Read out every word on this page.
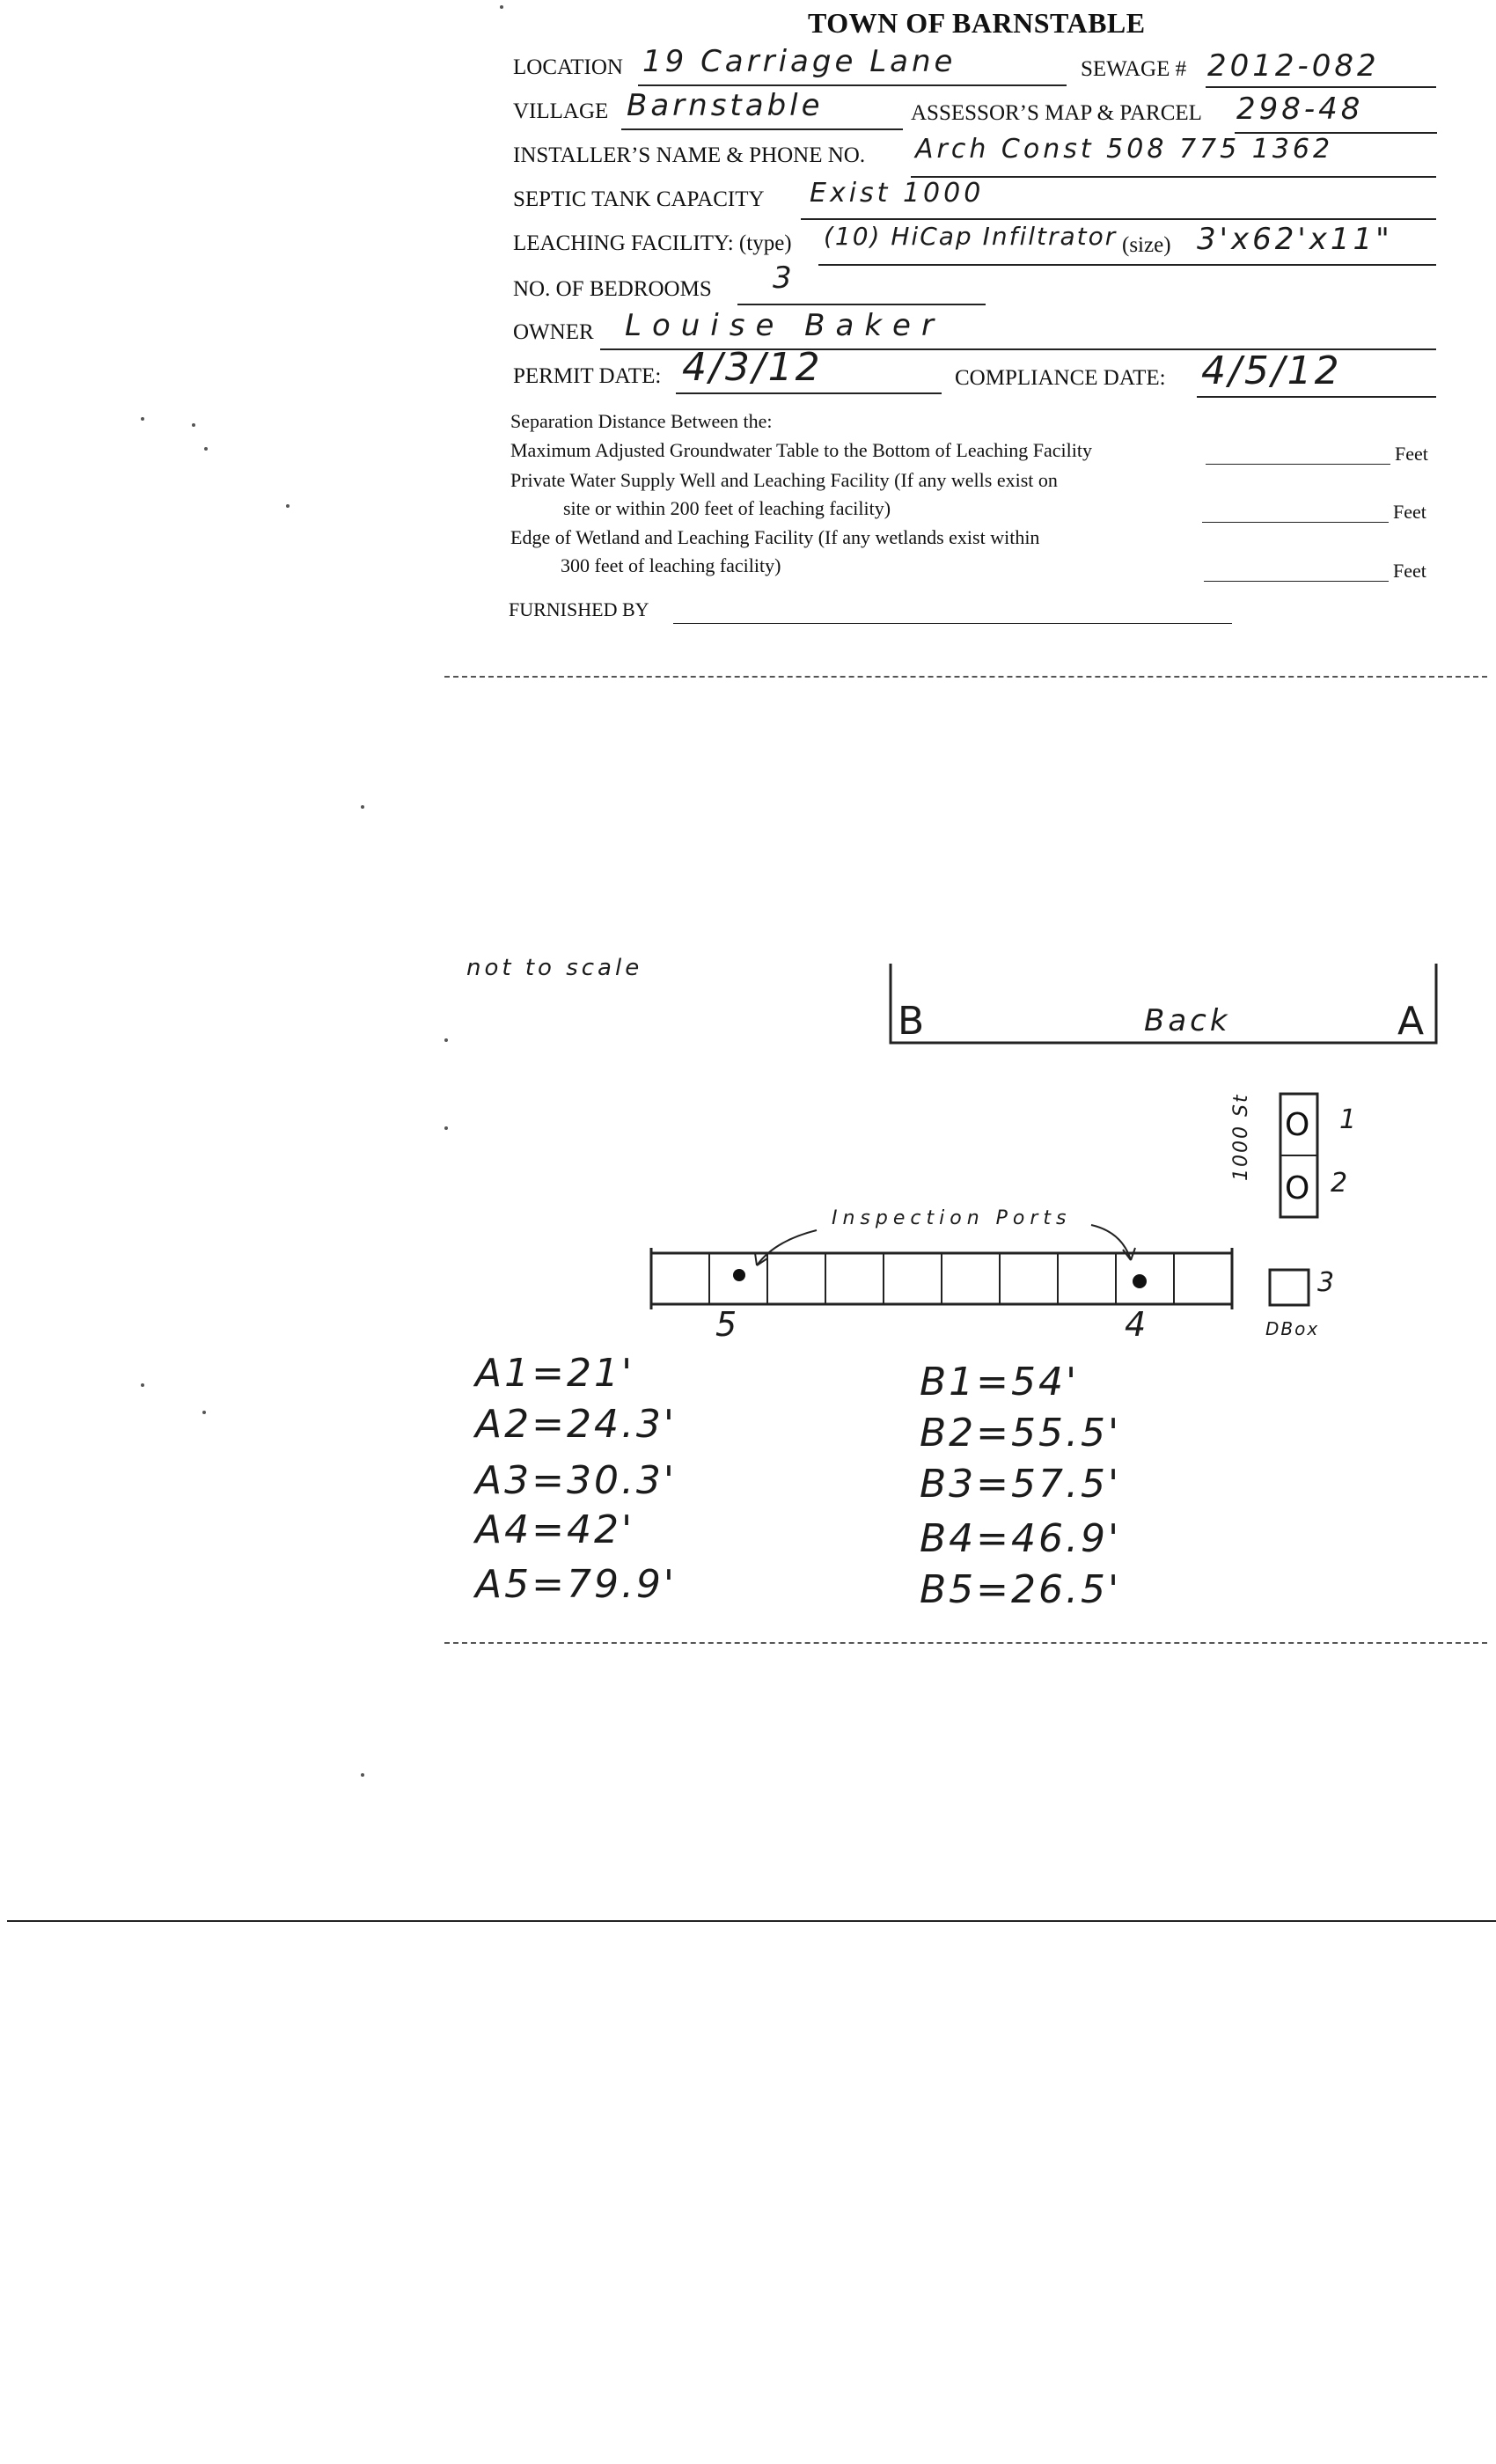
TOWN OF BARNSTABLE
LOCATION 19 Carriage Lane	SEWAGE # 2012-082
VILLAGE Barnstable	ASSESSOR’S MAP & PARCEL 298-48
INSTALLER’S NAME & PHONE NO. Arch Const 508 775 1362
SEPTIC TANK CAPACITY Exist 1000
LEACHING FACILITY: (type) (10) HiCap Infiltrator (size) 3'x62'x11"
NO. OF BEDROOMS 3
OWNER Louise Baker
PERMIT DATE: 4/3/12	COMPLIANCE DATE: 4/5/12
Separation Distance Between the:
Maximum Adjusted Groundwater Table to the Bottom of Leaching Facility	Feet
Private Water Supply Well and Leaching Facility (If any wells exist on
site or within 200 feet of leaching facility)	Feet
Edge of Wetland and Leaching Facility (If any wetlands exist within
300 feet of leaching facility)	Feet
FURNISHED BY
not to scale
B	Back	A
1000 St O
O
1
2
3
DBox
5	4
Inspection Ports
A1=21'
A2=24.3'
A3=30.3'
A4=42'
A5=79.9'
B1=54'
B2=55.5'
B3=57.5'
B4=46.9'
B5=26.5'
